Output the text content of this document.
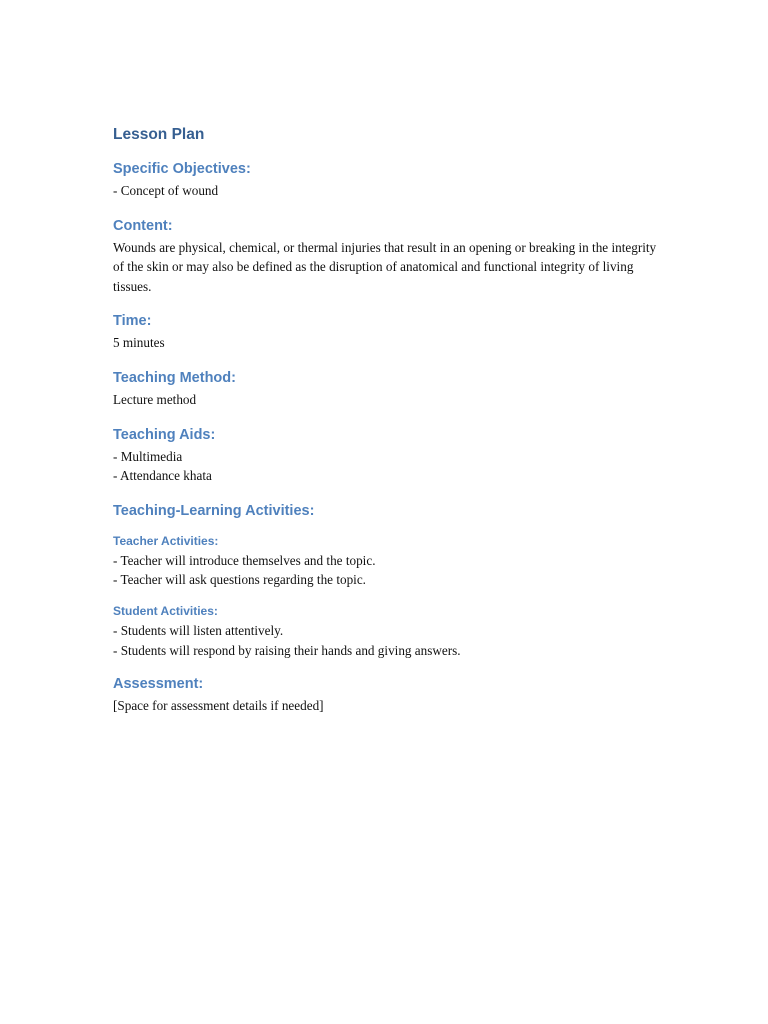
Lesson Plan
Specific Objectives:

- Concept of wound

Content:

Wounds are physical, chemical, or thermal injuries that result in an opening or breaking in the integrity of the skin or may also be defined as the disruption of anatomical and functional integrity of living tissues.

Time:

5 minutes

Teaching Method:

Lecture method

Teaching Aids:

- Multimedia

- Attendance khata

Teaching-Learning Activities:
Teacher Activities:

- Teacher will introduce themselves and the topic.

- Teacher will ask questions regarding the topic.

Student Activities:

- Students will listen attentively.

- Students will respond by raising their hands and giving answers.

Assessment:

[Space for assessment details if needed]
